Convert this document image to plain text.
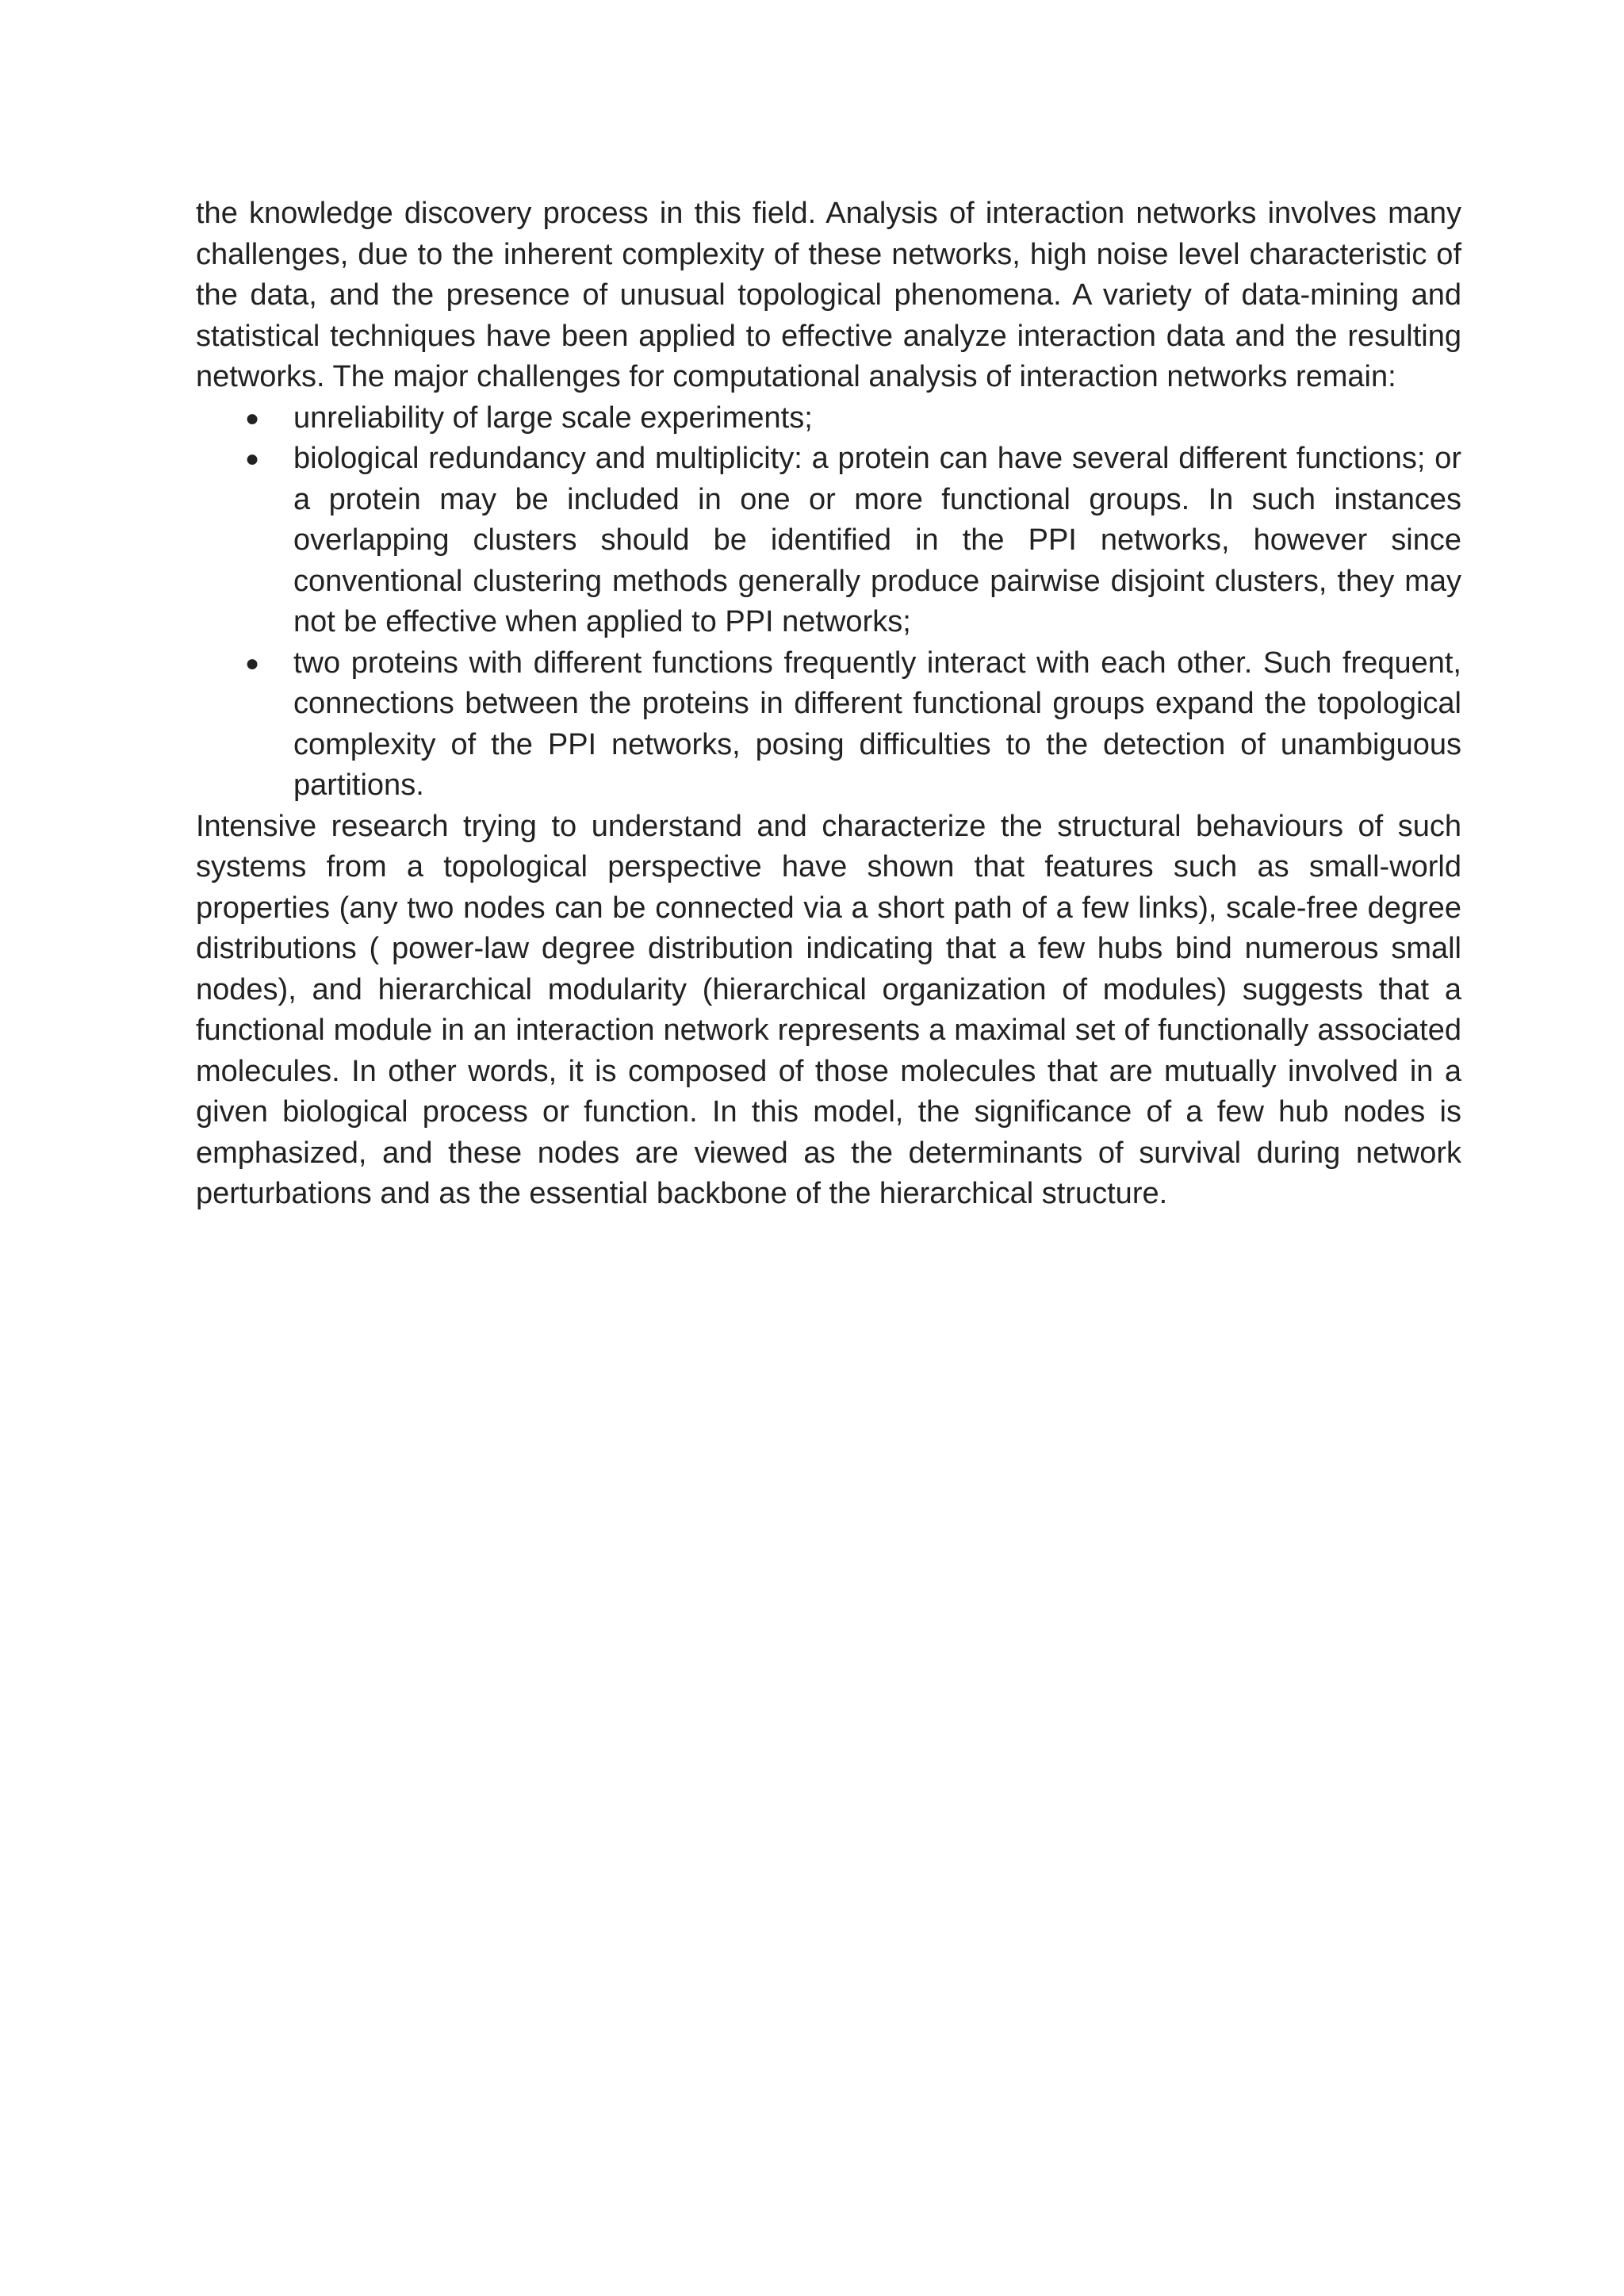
the knowledge discovery process in this field. Analysis of interaction networks involves many challenges, due to the inherent complexity of these networks, high noise level characteristic of the data, and the presence of unusual topological phenomena. A variety of data-mining and statistical techniques have been applied to effective analyze interaction data and the resulting networks. The major challenges for computational analysis of interaction networks remain:

●	unreliability of large scale experiments;
●	biological redundancy and multiplicity: a protein can have several different functions; or a protein may be included in one or more functional groups. In such instances overlapping clusters should be identified in the PPI networks, however since conventional clustering methods generally produce pairwise disjoint clusters, they may not be effective when applied to PPI networks;
●	two proteins with different functions frequently interact with each other. Such frequent, connections between the proteins in different functional groups expand the topological complexity of the PPI networks, posing difficulties to the detection of unambiguous partitions.

Intensive research trying to understand and characterize the structural behaviours of such systems from a topological perspective have shown that features such as small-world properties (any two nodes can be connected via a short path of a few links), scale-free degree distributions ( power-law degree distribution indicating that a few hubs bind numerous small nodes), and hierarchical modularity (hierarchical organization of modules) suggests that a functional module in an interaction network represents a maximal set of functionally associated molecules. In other words, it is composed of those molecules that are mutually involved in a given biological process or function. In this model, the significance of a few hub nodes is emphasized, and these nodes are viewed as the determinants of survival during network perturbations and as the essential backbone of the hierarchical structure.
